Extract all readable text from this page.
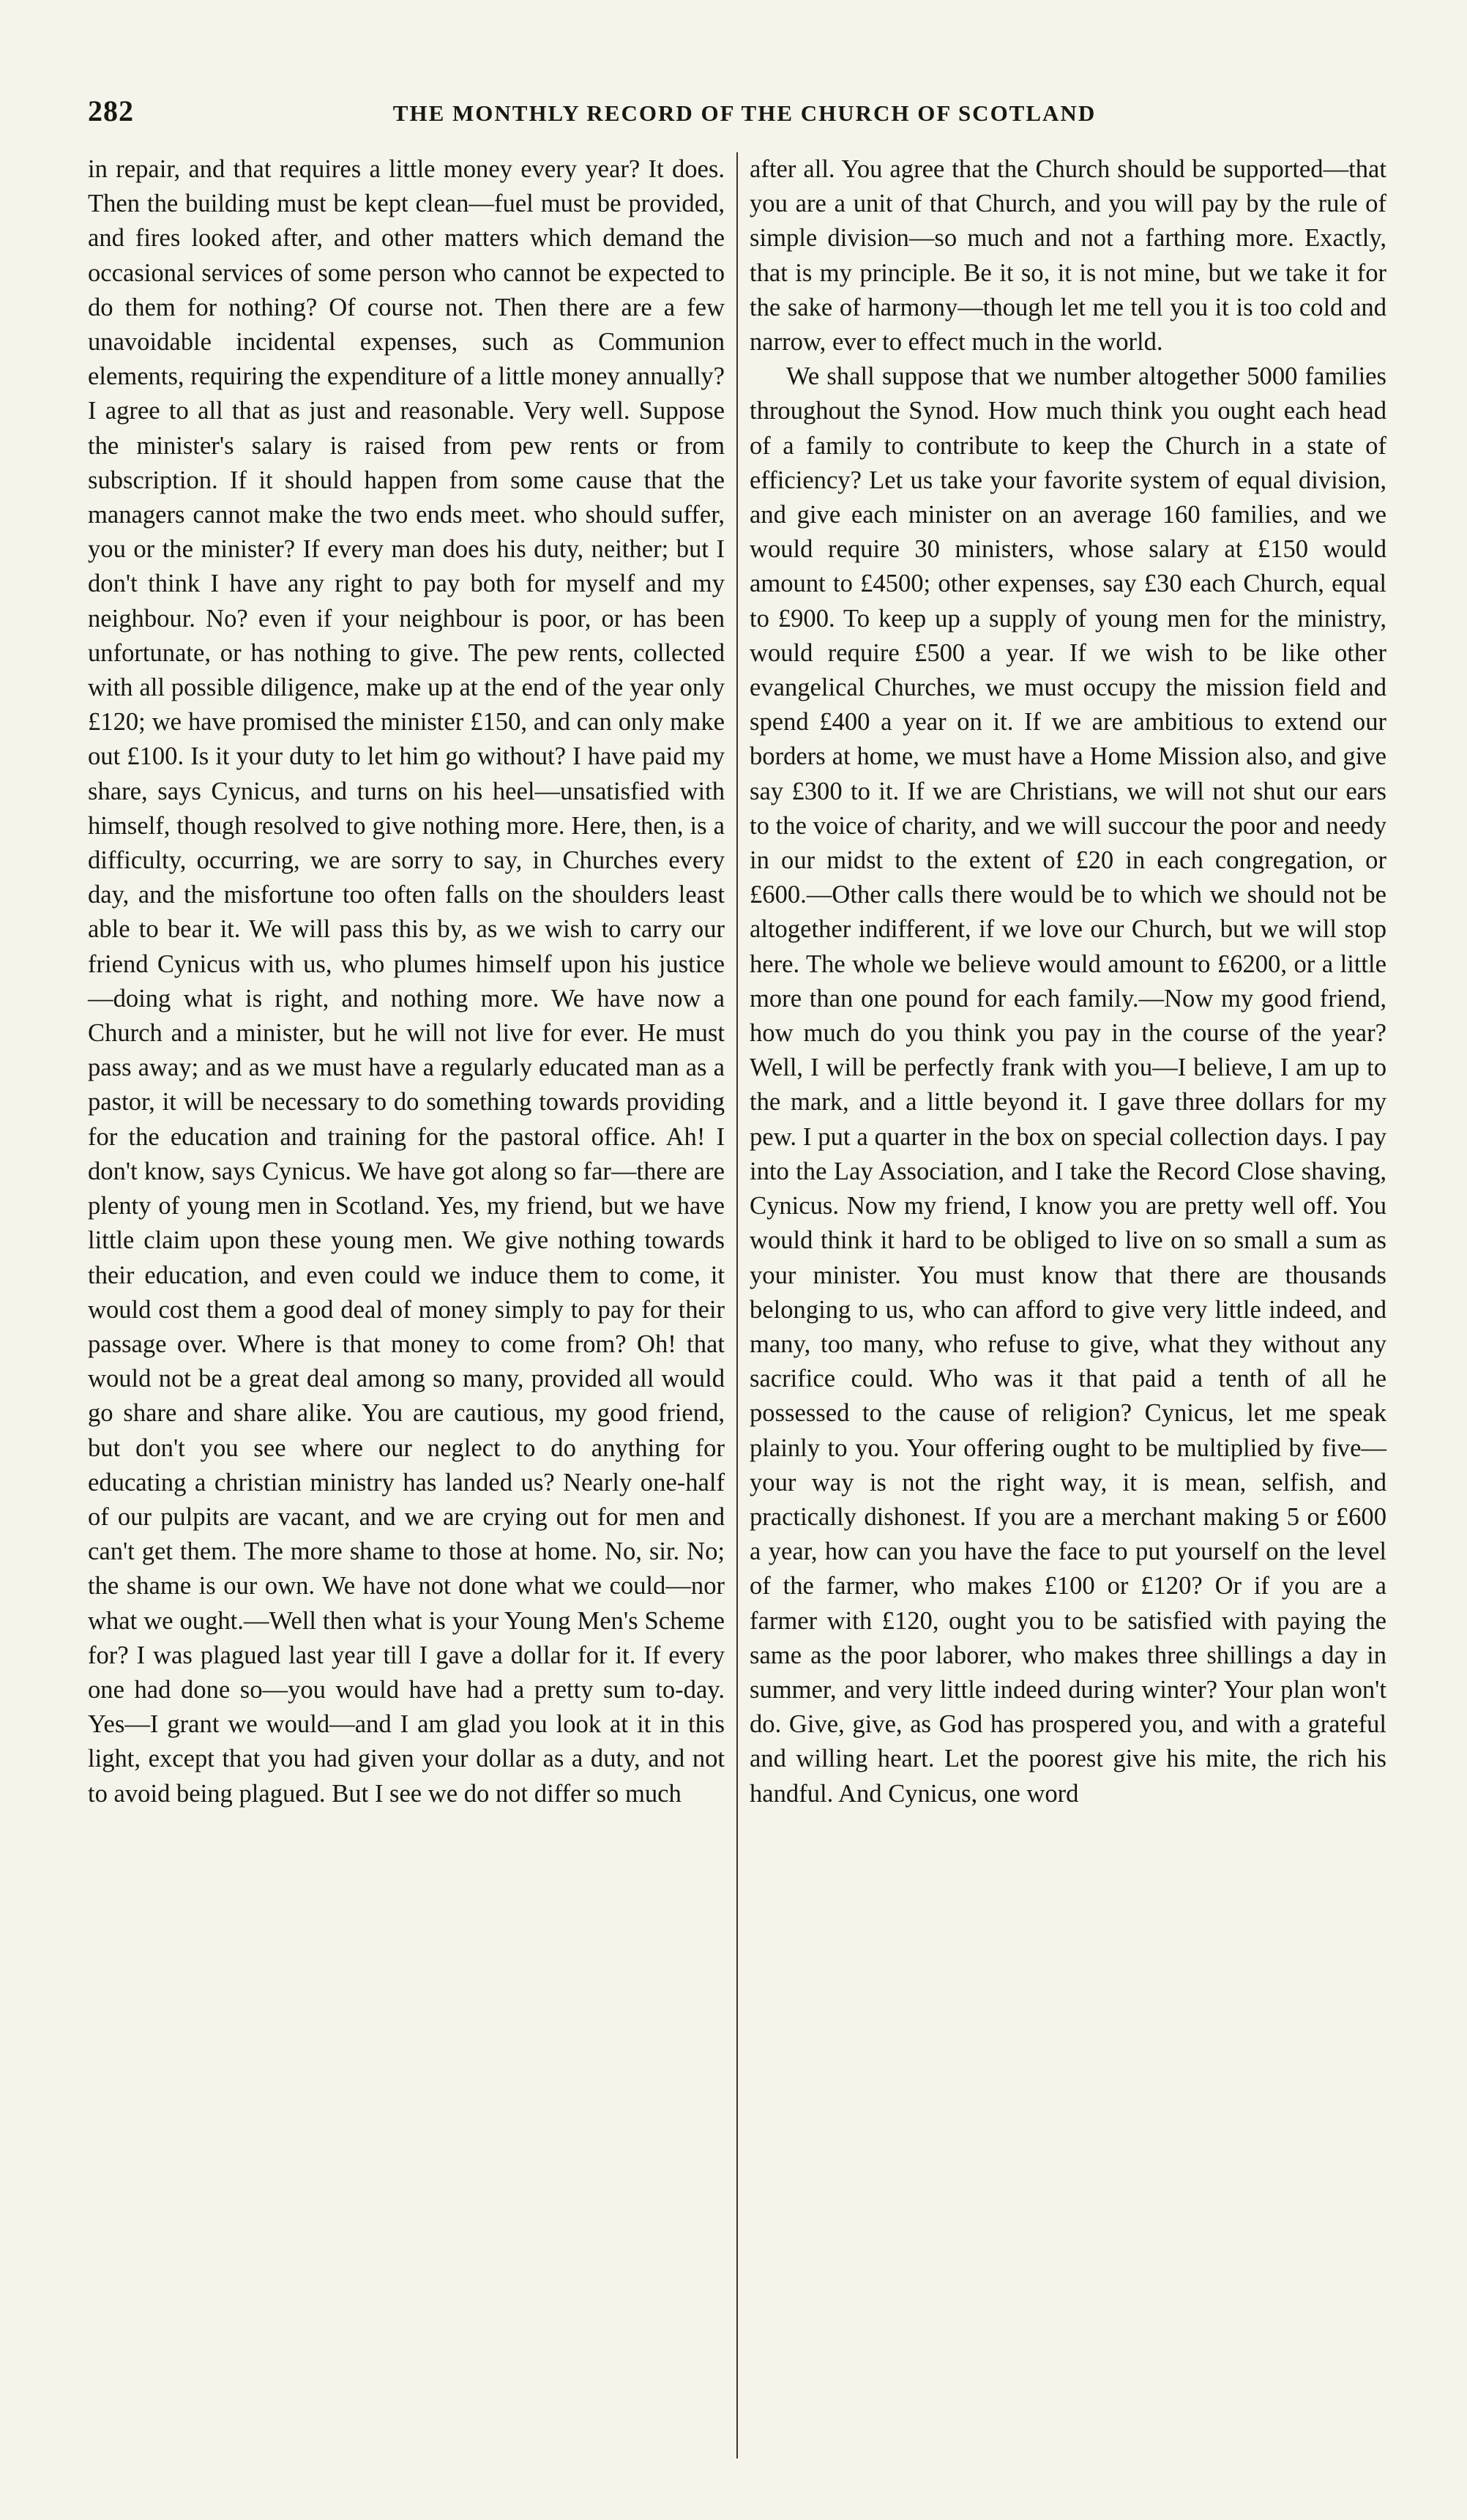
282	THE MONTHLY RECORD OF THE CHURCH OF SCOTLAND

in repair, and that requires a little money every year? It does. Then the building must be kept clean—fuel must be provided, and fires looked after, and other matters which demand the occasional services of some person who cannot be expected to do them for nothing? Of course not. Then there are a few unavoidable incidental expenses, such as Communion elements, requiring the expenditure of a little money annually? I agree to all that as just and reasonable. Very well. Suppose the minister's salary is raised from pew rents or from subscription. If it should happen from some cause that the managers cannot make the two ends meet. who should suffer, you or the minister? If every man does his duty, neither; but I don't think I have any right to pay both for myself and my neighbour. No? even if your neighbour is poor, or has been unfortunate, or has nothing to give. The pew rents, collected with all possible diligence, make up at the end of the year only £120; we have promised the minister £150, and can only make out £100. Is it your duty to let him go without? I have paid my share, says Cynicus, and turns on his heel—unsatisfied with himself, though resolved to give nothing more. Here, then, is a difficulty, occurring, we are sorry to say, in Churches every day, and the misfortune too often falls on the shoulders least able to bear it. We will pass this by, as we wish to carry our friend Cynicus with us, who plumes himself upon his justice—doing what is right, and nothing more. We have now a Church and a minister, but he will not live for ever. He must pass away; and as we must have a regularly educated man as a pastor, it will be necessary to do something towards providing for the education and training for the pastoral office. Ah! I don't know, says Cynicus. We have got along so far—there are plenty of young men in Scotland. Yes, my friend, but we have little claim upon these young men. We give nothing towards their education, and even could we induce them to come, it would cost them a good deal of money simply to pay for their passage over. Where is that money to come from? Oh! that would not be a great deal among so many, provided all would go share and share alike. You are cautious, my good friend, but don't you see where our neglect to do anything for educating a christian ministry has landed us? Nearly one-half of our pulpits are vacant, and we are crying out for men and can't get them. The more shame to those at home. No, sir. No; the shame is our own. We have not done what we could—nor what we ought.—Well then what is your Young Men's Scheme for? I was plagued last year till I gave a dollar for it. If every one had done so—you would have had a pretty sum to-day. Yes—I grant we would—and I am glad you look at it in this light, except that you had given your dollar as a duty, and not to avoid being plagued. But I see we do not differ so much

after all. You agree that the Church should be supported—that you are a unit of that Church, and you will pay by the rule of simple division—so much and not a farthing more. Exactly, that is my principle. Be it so, it is not mine, but we take it for the sake of harmony—though let me tell you it is too cold and narrow, ever to effect much in the world.

We shall suppose that we number altogether 5000 families throughout the Synod. How much think you ought each head of a family to contribute to keep the Church in a state of efficiency? Let us take your favorite system of equal division, and give each minister on an average 160 families, and we would require 30 ministers, whose salary at £150 would amount to £4500; other expenses, say £30 each Church, equal to £900. To keep up a supply of young men for the ministry, would require £500 a year. If we wish to be like other evangelical Churches, we must occupy the mission field and spend £400 a year on it. If we are ambitious to extend our borders at home, we must have a Home Mission also, and give say £300 to it. If we are Christians, we will not shut our ears to the voice of charity, and we will succour the poor and needy in our midst to the extent of £20 in each congregation, or £600.—Other calls there would be to which we should not be altogether indifferent, if we love our Church, but we will stop here. The whole we believe would amount to £6200, or a little more than one pound for each family.—Now my good friend, how much do you think you pay in the course of the year? Well, I will be perfectly frank with you—I believe, I am up to the mark, and a little beyond it. I gave three dollars for my pew. I put a quarter in the box on special collection days. I pay into the Lay Association, and I take the Record Close shaving, Cynicus. Now my friend, I know you are pretty well off. You would think it hard to be obliged to live on so small a sum as your minister. You must know that there are thousands belonging to us, who can afford to give very little indeed, and many, too many, who refuse to give, what they without any sacrifice could. Who was it that paid a tenth of all he possessed to the cause of religion? Cynicus, let me speak plainly to you. Your offering ought to be multiplied by five—your way is not the right way, it is mean, selfish, and practically dishonest. If you are a merchant making 5 or £600 a year, how can you have the face to put yourself on the level of the farmer, who makes £100 or £120? Or if you are a farmer with £120, ought you to be satisfied with paying the same as the poor laborer, who makes three shillings a day in summer, and very little indeed during winter? Your plan won't do. Give, give, as God has prospered you, and with a grateful and willing heart. Let the poorest give his mite, the rich his handful. And Cynicus, one word
